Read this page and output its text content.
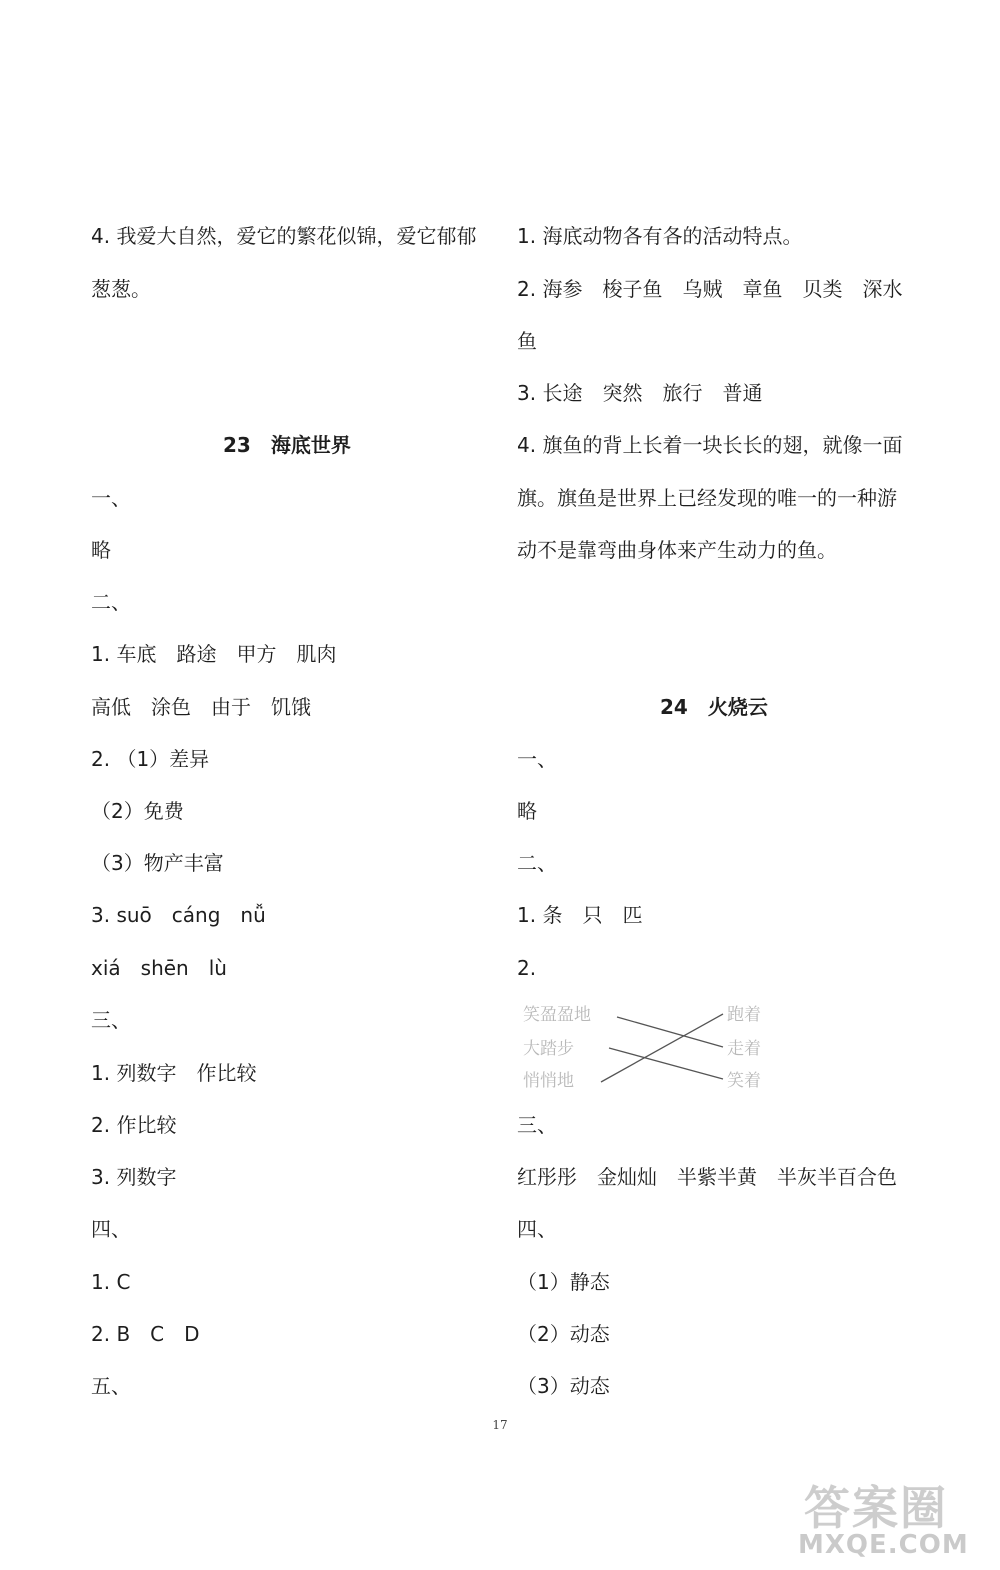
4. 我爱大自然，爱它的繁花似锦，爱它郁郁
葱葱。
23　海底世界
一、
略
二、
1. 车底　路途　甲方　肌肉
高低　涂色　由于　饥饿
2. （1）差异
（2）免费
（3）物产丰富
3. suō　cáng　nǚ
xiá　shēn　lù
三、
1. 列数字　作比较
2. 作比较
3. 列数字
四、
1. C
2. B　C　D
五、
1. 海底动物各有各的活动特点。
2. 海参　梭子鱼　乌贼　章鱼　贝类　深水
鱼
3. 长途　突然　旅行　普通
4. 旗鱼的背上长着一块长长的翅，就像一面
旗。旗鱼是世界上已经发现的唯一的一种游
动不是靠弯曲身体来产生动力的鱼。
24　火烧云
一、
略
二、
1. 条　只　匹
2.
三、
红彤彤　金灿灿　半紫半黄　半灰半百合色
四、
（1）静态
（2）动态
（3）动态
笑盈盈地
大踏步
悄悄地
跑着
走着
笑着
17
答案圈
MXQE.COM
